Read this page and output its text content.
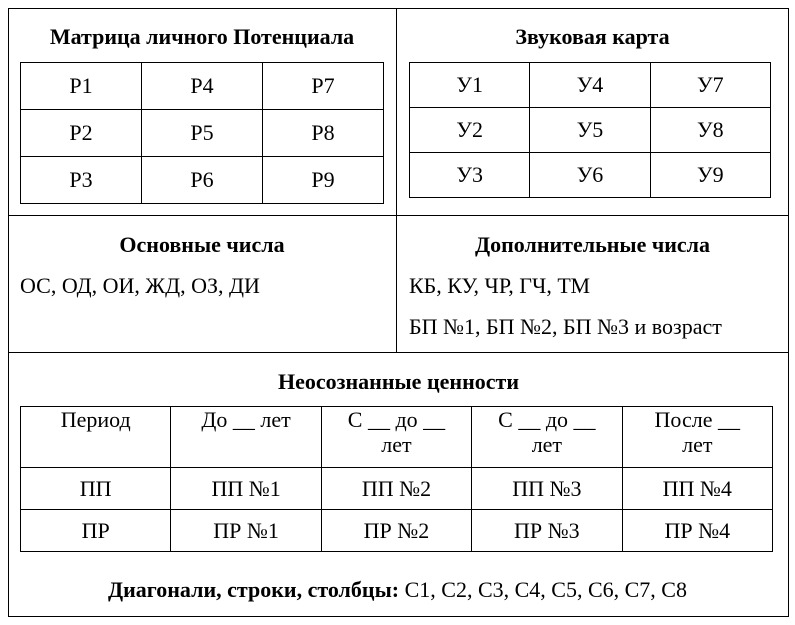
Матрица личного Потенциала
Р1	Р4	Р7
Р2	Р5	Р8
Р3	Р6	Р9
Звуковая карта
У1	У4	У7
У2	У5	У8
У3	У6	У9
Основные числа
ОС, ОД, ОИ, ЖД, ОЗ, ДИ
Дополнительные числа
КБ, КУ, ЧР, ГЧ, ТМ
БП №1, БП №2, БП №3 и возраст
Неосознанные ценности
Период	До __ лет	С __ до __ лет	С __ до __ лет	После __ лет
ПП	ПП №1	ПП №2	ПП №3	ПП №4
ПР	ПР №1	ПР №2	ПР №3	ПР №4
Диагонали, строки, столбцы: С1, С2, С3, С4, С5, С6, С7, С8
